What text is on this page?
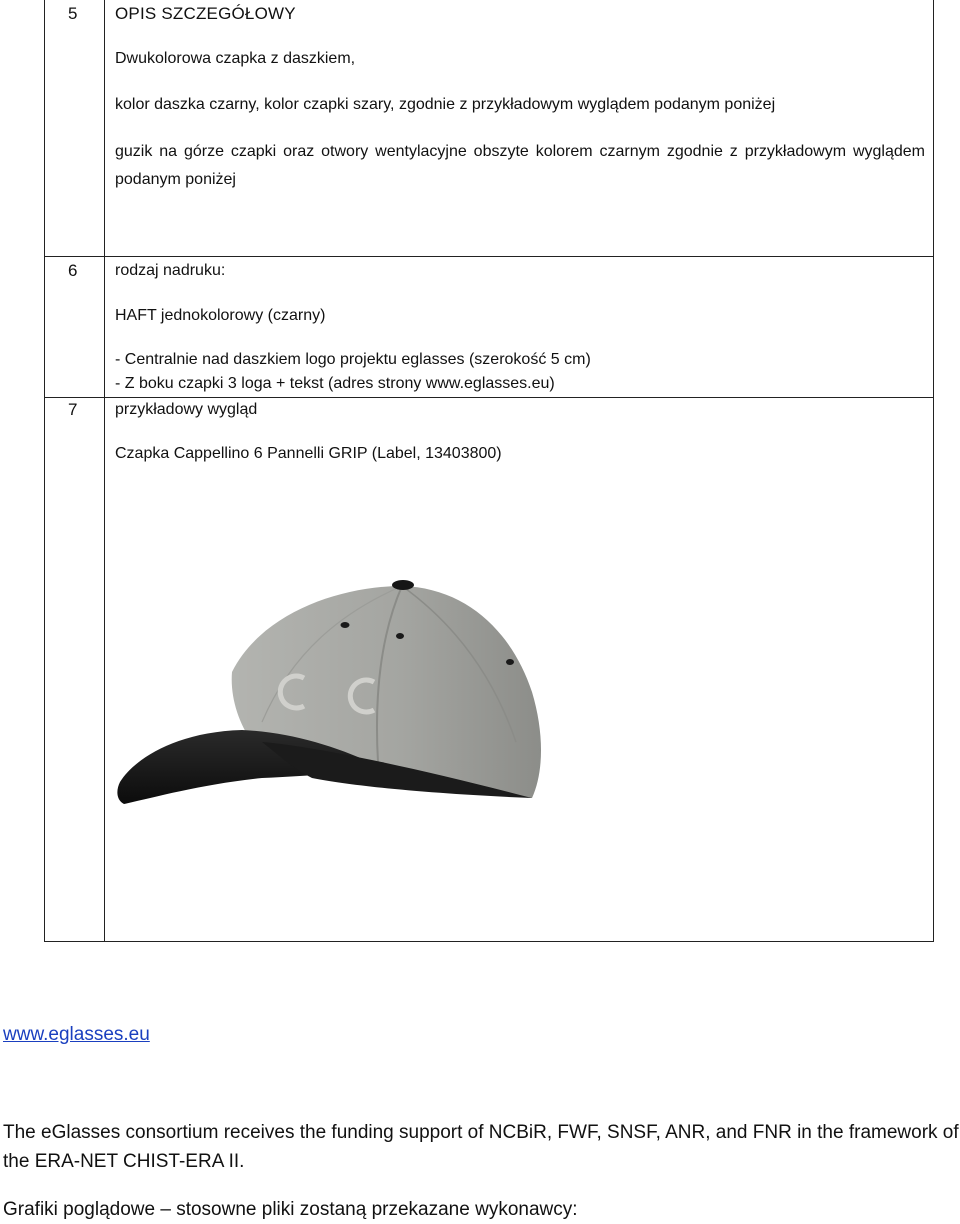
5 OPIS SZCZEGÓŁOWY
Dwukolorowa czapka z daszkiem,
kolor daszka czarny, kolor czapki szary, zgodnie z przykładowym wyglądem podanym poniżej
guzik na górze czapki oraz otwory wentylacyjne obszyte kolorem czarnym zgodnie z przykładowym wyglądem podanym poniżej
6 rodzaj nadruku:
HAFT jednokolorowy (czarny)
- Centralnie nad daszkiem logo projektu eglasses (szerokość 5 cm)
- Z boku czapki 3 loga + tekst (adres strony www.eglasses.eu)
7 przykładowy wygląd
Czapka Cappellino 6 Pannelli GRIP (Label, 13403800)
www.eglasses.eu
The eGlasses consortium receives the funding support of NCBiR, FWF, SNSF, ANR, and FNR in the framework of the ERA-NET CHIST-ERA II.
Grafiki poglądowe – stosowne pliki zostaną przekazane wykonawcy:
